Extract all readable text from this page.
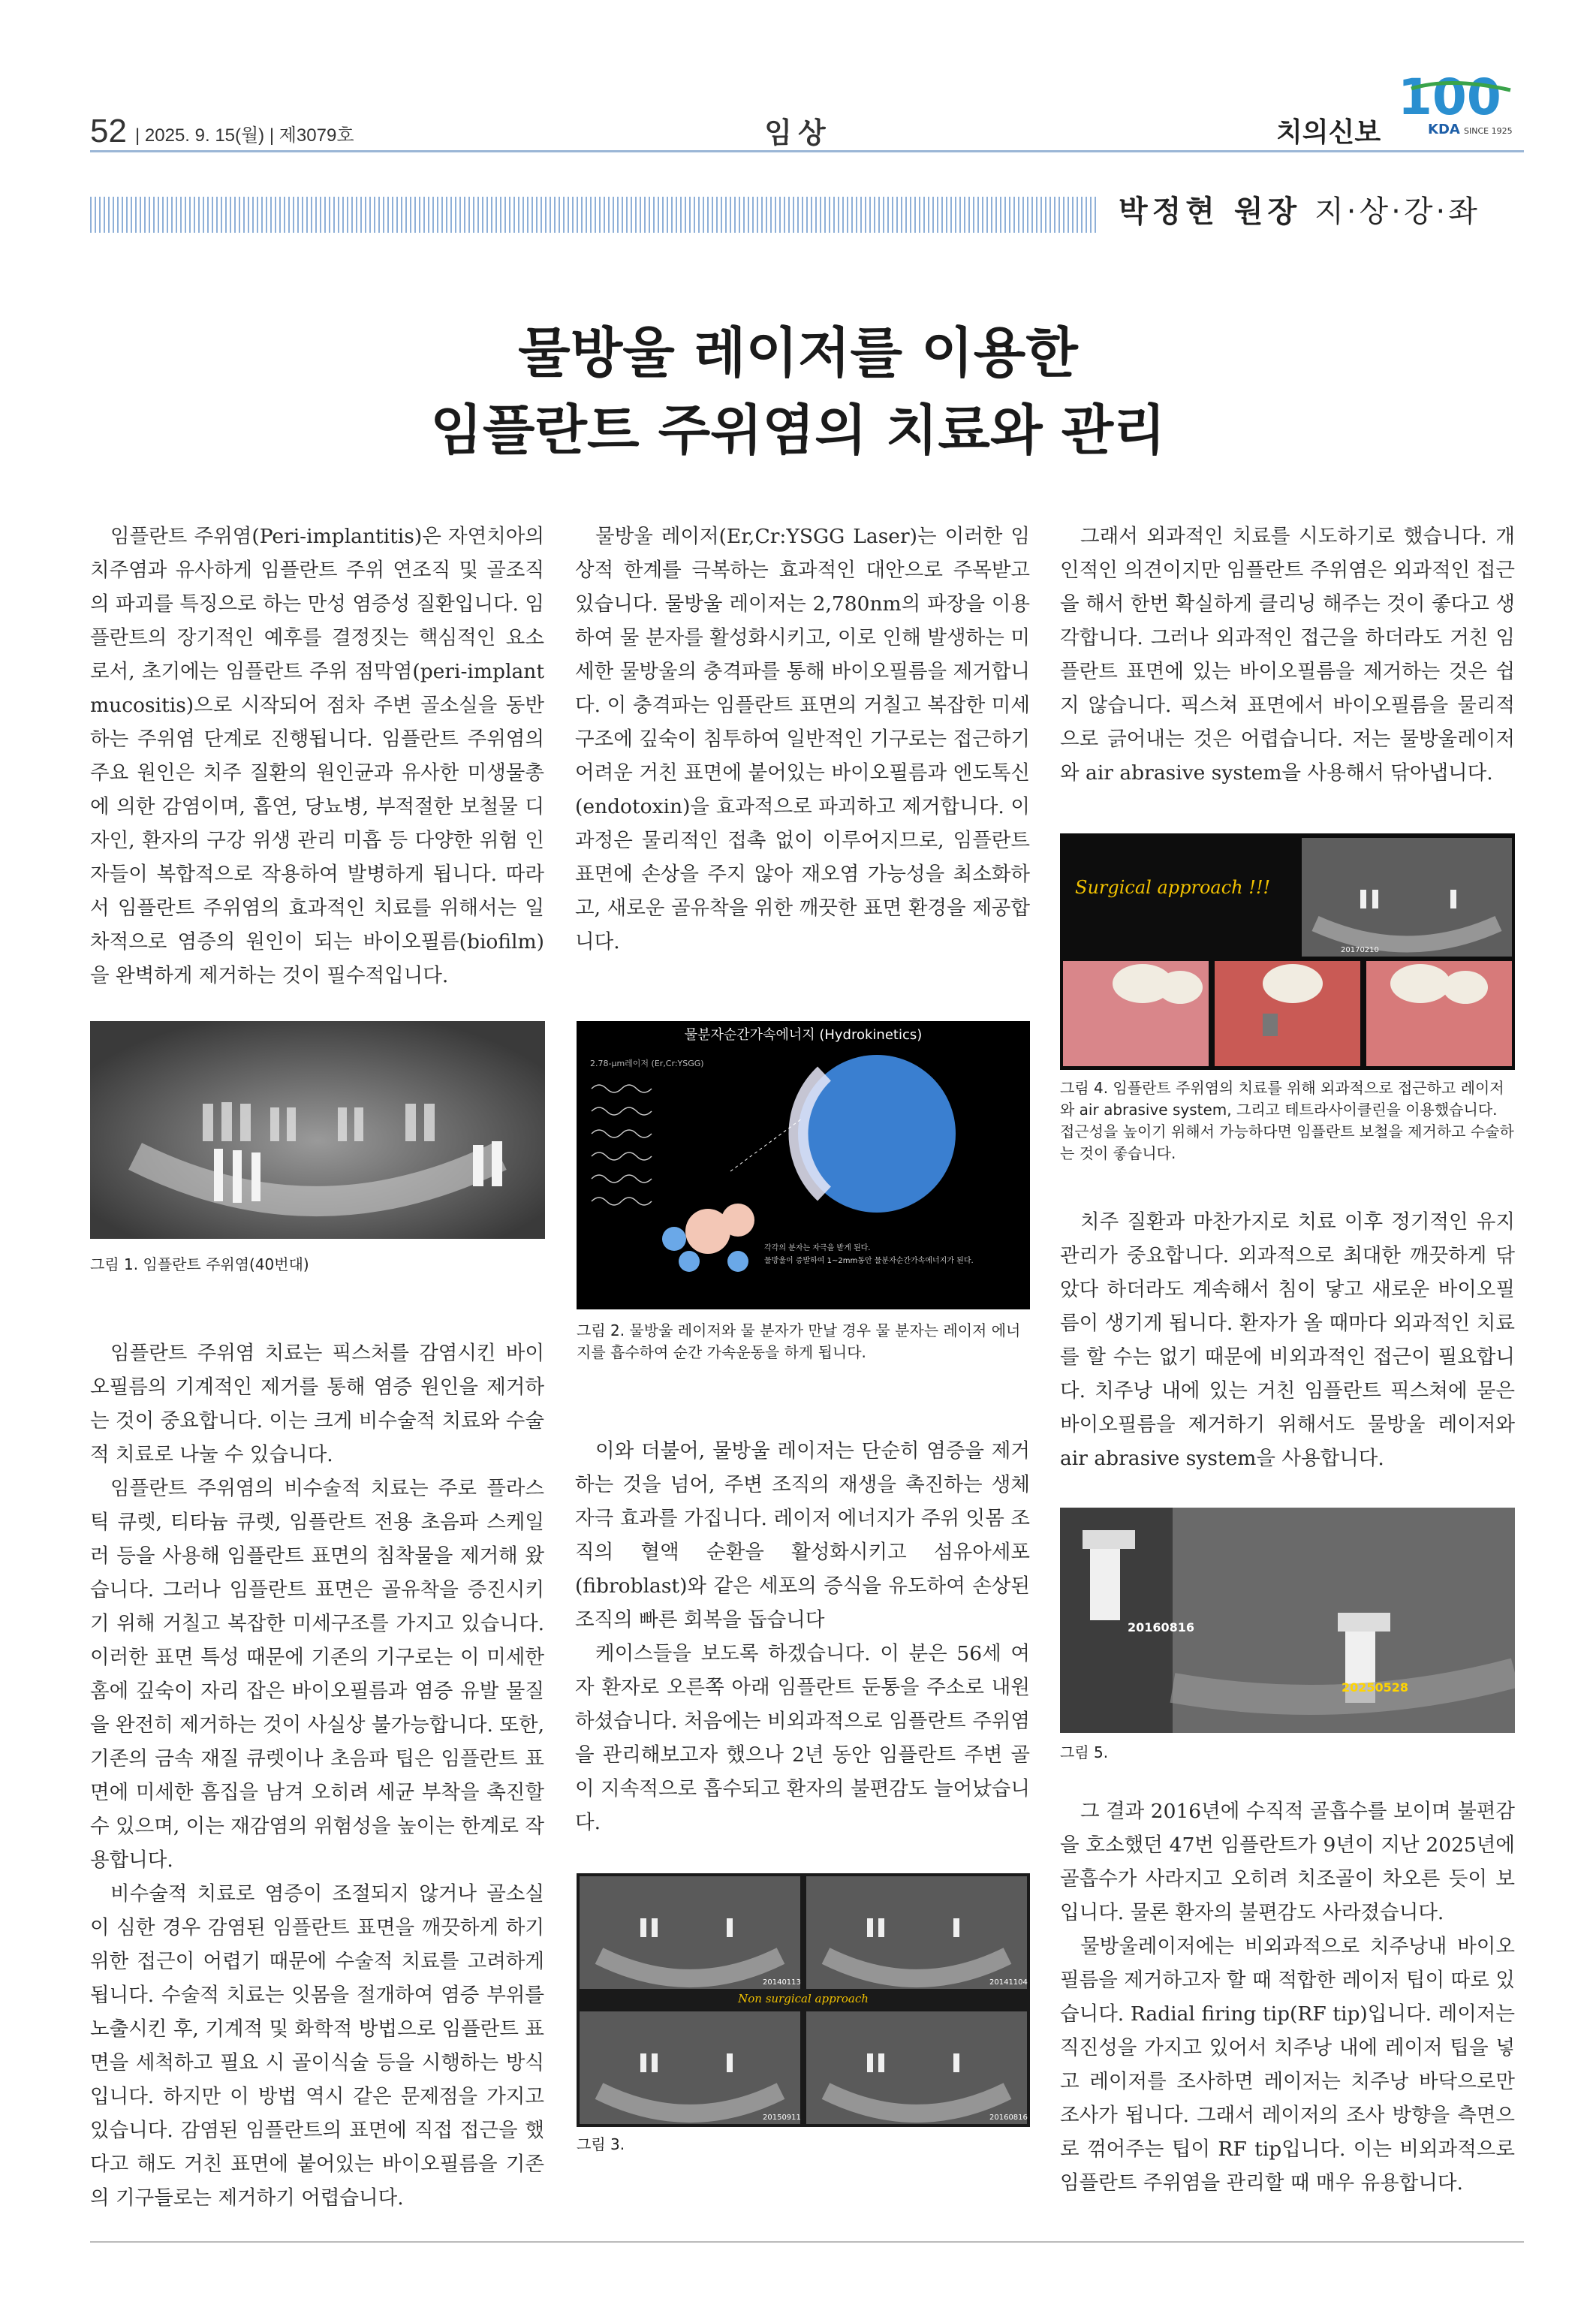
52 | 2025. 9. 15(월) | 제3079호	임상	치의신보
100
KDA SINCE 1925
박정현 원장 지·상·강·좌
물방울 레이저를 이용한
임플란트 주위염의 치료와 관리

임플란트 주위염(Peri-implantitis)은 자연치아의 치주염과 유사하게 임플란트 주위 연조직 및 골조직의 파괴를 특징으로 하는 만성 염증성 질환입니다. 임플란트의 장기적인 예후를 결정짓는 핵심적인 요소로서, 초기에는 임플란트 주위 점막염(peri-implant mucositis)으로 시작되어 점차 주변 골소실을 동반하는 주위염 단계로 진행됩니다. 임플란트 주위염의 주요 원인은 치주 질환의 원인균과 유사한 미생물총에 의한 감염이며, 흡연, 당뇨병, 부적절한 보철물 디자인, 환자의 구강 위생 관리 미흡 등 다양한 위험 인자들이 복합적으로 작용하여 발병하게 됩니다. 따라서 임플란트 주위염의 효과적인 치료를 위해서는 일차적으로 염증의 원인이 되는 바이오필름(biofilm)을 완벽하게 제거하는 것이 필수적입니다.

그림 1. 임플란트 주위염(40번대)

임플란트 주위염 치료는 픽스처를 감염시킨 바이오필름의 기계적인 제거를 통해 염증 원인을 제거하는 것이 중요합니다. 이는 크게 비수술적 치료와 수술적 치료로 나눌 수 있습니다.

임플란트 주위염의 비수술적 치료는 주로 플라스틱 큐렛, 티타늄 큐렛, 임플란트 전용 초음파 스케일러 등을 사용해 임플란트 표면의 침착물을 제거해 왔습니다. 그러나 임플란트 표면은 골유착을 증진시키기 위해 거칠고 복잡한 미세구조를 가지고 있습니다. 이러한 표면 특성 때문에 기존의 기구로는 이 미세한 홈에 깊숙이 자리 잡은 바이오필름과 염증 유발 물질을 완전히 제거하는 것이 사실상 불가능합니다. 또한, 기존의 금속 재질 큐렛이나 초음파 팁은 임플란트 표면에 미세한 흠집을 남겨 오히려 세균 부착을 촉진할 수 있으며, 이는 재감염의 위험성을 높이는 한계로 작용합니다.

비수술적 치료로 염증이 조절되지 않거나 골소실이 심한 경우 감염된 임플란트 표면을 깨끗하게 하기 위한 접근이 어렵기 때문에 수술적 치료를 고려하게 됩니다. 수술적 치료는 잇몸을 절개하여 염증 부위를 노출시킨 후, 기계적 및 화학적 방법으로 임플란트 표면을 세척하고 필요 시 골이식술 등을 시행하는 방식입니다. 하지만 이 방법 역시 같은 문제점을 가지고 있습니다. 감염된 임플란트의 표면에 직접 접근을 했다고 해도 거친 표면에 붙어있는 바이오필름을 기존의 기구들로는 제거하기 어렵습니다.

물방울 레이저(Er,Cr:YSGG Laser)는 이러한 임상적 한계를 극복하는 효과적인 대안으로 주목받고 있습니다. 물방울 레이저는 2,780nm의 파장을 이용하여 물 분자를 활성화시키고, 이로 인해 발생하는 미세한 물방울의 충격파를 통해 바이오필름을 제거합니다. 이 충격파는 임플란트 표면의 거칠고 복잡한 미세구조에 깊숙이 침투하여 일반적인 기구로는 접근하기 어려운 거친 표면에 붙어있는 바이오필름과 엔도톡신(endotoxin)을 효과적으로 파괴하고 제거합니다. 이 과정은 물리적인 접촉 없이 이루어지므로, 임플란트 표면에 손상을 주지 않아 재오염 가능성을 최소화하고, 새로운 골유착을 위한 깨끗한 표면 환경을 제공합니다.

물분자순간가속에너지 (Hydrokinetics)
2.78-μm레이저 (Er,Cr:YSGG)
각각의 분자는 자극을 받게 된다.
물방울이 증발하여 1~2mm동안 물분자순간가속에너지가 된다.
그림 2. 물방울 레이저와 물 분자가 만날 경우 물 분자는 레이저 에너지를 흡수하여 순간 가속운동을 하게 됩니다.

이와 더불어, 물방울 레이저는 단순히 염증을 제거하는 것을 넘어, 주변 조직의 재생을 촉진하는 생체 자극 효과를 가집니다. 레이저 에너지가 주위 잇몸 조직의 혈액 순환을 활성화시키고 섬유아세포(fibroblast)와 같은 세포의 증식을 유도하여 손상된 조직의 빠른 회복을 돕습니다

케이스들을 보도록 하겠습니다. 이 분은 56세 여자 환자로 오른쪽 아래 임플란트 둔통을 주소로 내원하셨습니다. 처음에는 비외과적으로 임플란트 주위염을 관리해보고자 했으나 2년 동안 임플란트 주변 골이 지속적으로 흡수되고 환자의 불편감도 늘어났습니다.

20140113	20141104
20150911	20160816
Non surgical approach
그림 3.

그래서 외과적인 치료를 시도하기로 했습니다. 개인적인 의견이지만 임플란트 주위염은 외과적인 접근을 해서 한번 확실하게 클리닝 해주는 것이 좋다고 생각합니다. 그러나 외과적인 접근을 하더라도 거친 임플란트 표면에 있는 바이오필름을 제거하는 것은 쉽지 않습니다. 픽스쳐 표면에서 바이오필름을 물리적으로 긁어내는 것은 어렵습니다. 저는 물방울레이저와 air abrasive system을 사용해서 닦아냅니다.

Surgical approach !!!
20170210
그림 4. 임플란트 주위염의 치료를 위해 외과적으로 접근하고 레이저와 air abrasive system, 그리고 테트라사이클린을 이용했습니다. 접근성을 높이기 위해서 가능하다면 임플란트 보철을 제거하고 수술하는 것이 좋습니다.

치주 질환과 마찬가지로 치료 이후 정기적인 유지관리가 중요합니다. 외과적으로 최대한 깨끗하게 닦았다 하더라도 계속해서 침이 닿고 새로운 바이오필름이 생기게 됩니다. 환자가 올 때마다 외과적인 치료를 할 수는 없기 때문에 비외과적인 접근이 필요합니다. 치주낭 내에 있는 거친 임플란트 픽스쳐에 묻은 바이오필름을 제거하기 위해서도 물방울 레이저와 air abrasive system을 사용합니다.

20160816
20250528
그림 5.

그 결과 2016년에 수직적 골흡수를 보이며 불편감을 호소했던 47번 임플란트가 9년이 지난 2025년에 골흡수가 사라지고 오히려 치조골이 차오른 듯이 보입니다. 물론 환자의 불편감도 사라졌습니다.

물방울레이저에는 비외과적으로 치주낭내 바이오필름을 제거하고자 할 때 적합한 레이저 팁이 따로 있습니다. Radial firing tip(RF tip)입니다. 레이저는 직진성을 가지고 있어서 치주낭 내에 레이저 팁을 넣고 레이저를 조사하면 레이저는 치주낭 바닥으로만 조사가 됩니다. 그래서 레이저의 조사 방향을 측면으로 꺾어주는 팁이 RF tip입니다. 이는 비외과적으로 임플란트 주위염을 관리할 때 매우 유용합니다.
